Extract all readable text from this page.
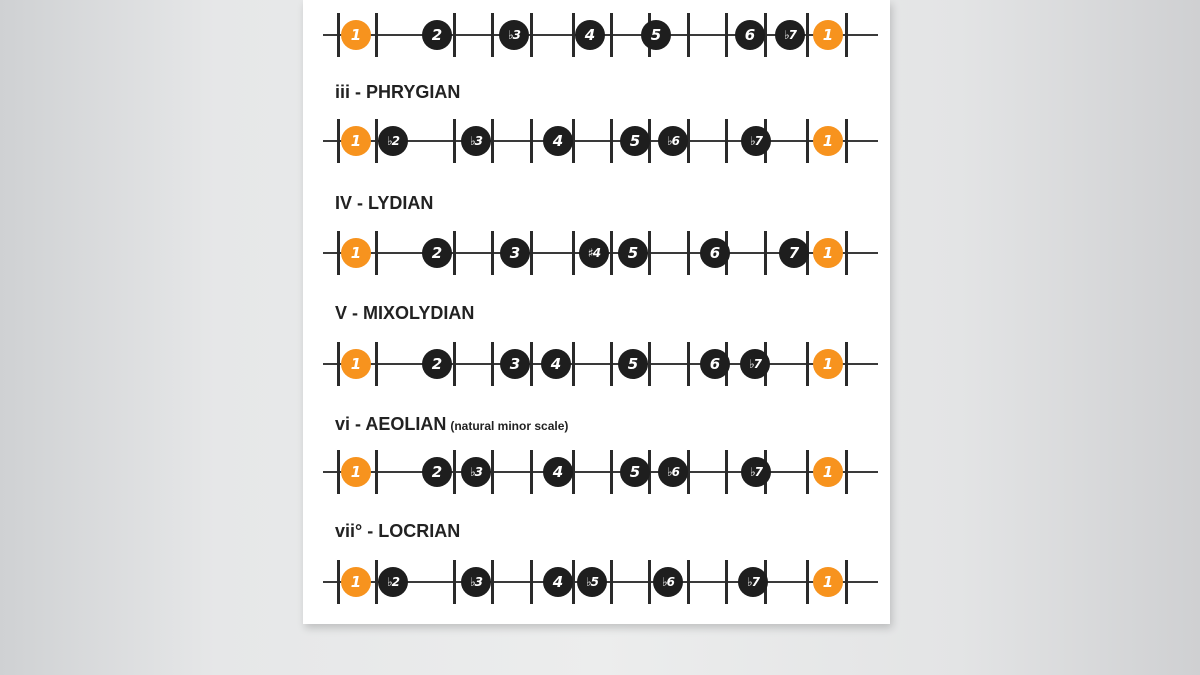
1	2	♭3	4	5	6	♭7	1
iii - PHRYGIAN
1	♭2	♭3	4	5	♭6	♭7	1
IV - LYDIAN
1	2	3	♯4	5	6	7	1
V - MIXOLYDIAN
1	2	3	4	5	6	♭7	1
vi - AEOLIAN (natural minor scale)
1	2	♭3	4	5	♭6	♭7	1
vii° - LOCRIAN
1	♭2	♭3	4	♭5	♭6	♭7	1
